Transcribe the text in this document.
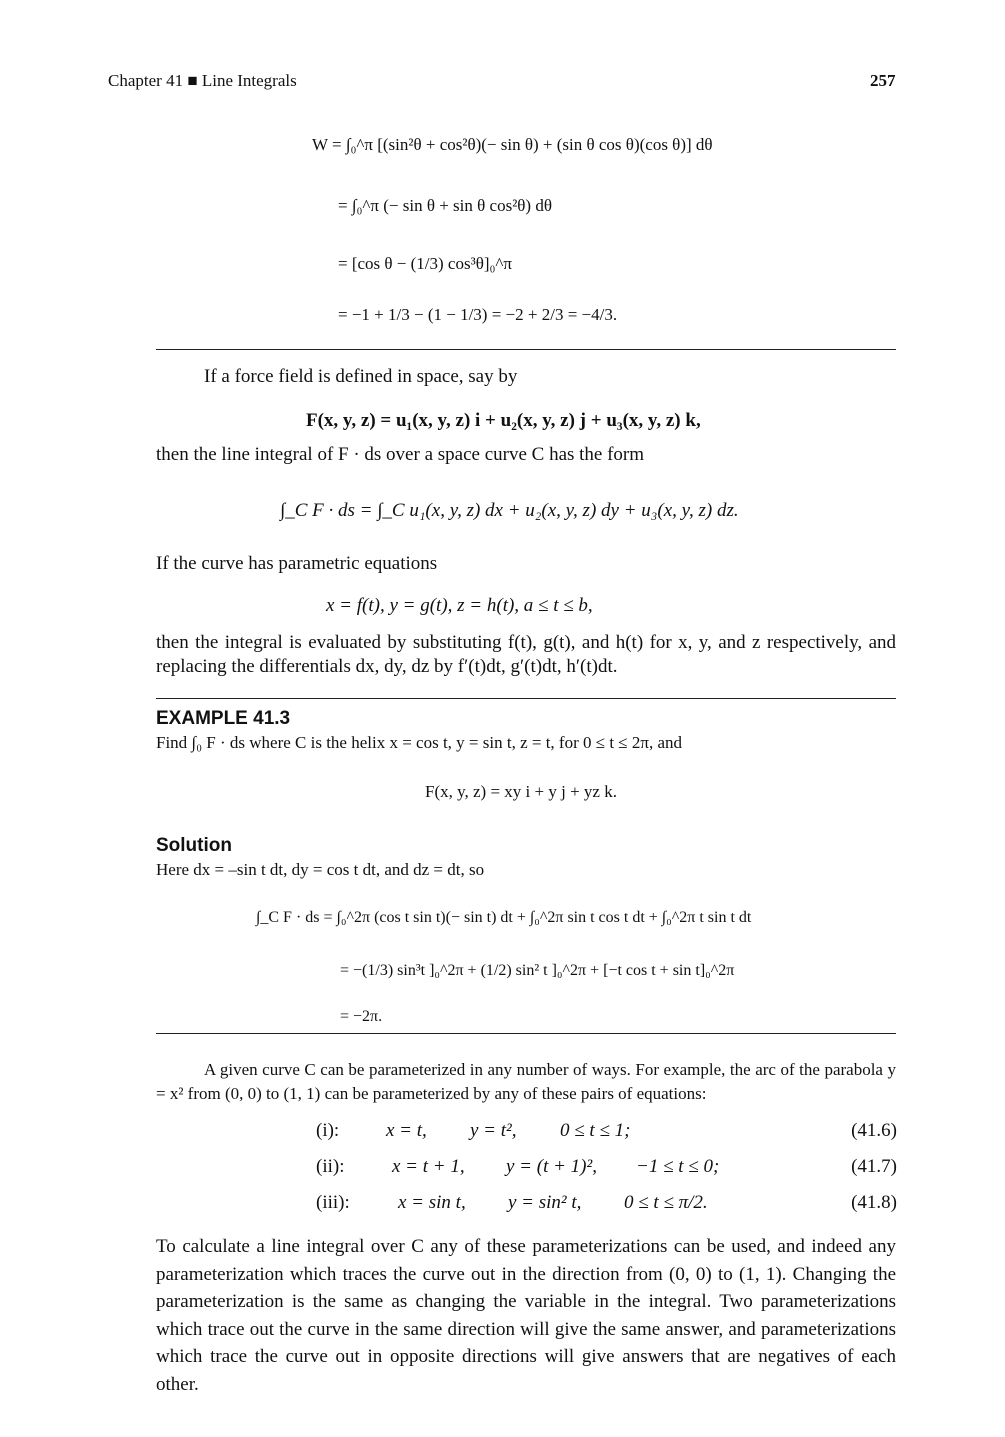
Chapter 41 ■ Line Integrals	257
W = ∫₀^π [(sin²θ + cos²θ)(− sin θ) + (sin θ cos θ)(cos θ)] dθ
= ∫₀^π (− sin θ + sin θ cos²θ) dθ
= [cos θ − (1/3) cos³θ]₀^π
= −1 + 1/3 − (1 − 1/3) = −2 + 2/3 = −4/3.
If a force field is defined in space, say by
F(x, y, z) = u₁(x, y, z) i + u₂(x, y, z) j + u₃(x, y, z) k,
then the line integral of F · ds over a space curve C has the form
∫_C F · ds = ∫_C u₁(x, y, z) dx + u₂(x, y, z) dy + u₃(x, y, z) dz.
If the curve has parametric equations
x = f(t), y = g(t), z = h(t), a ≤ t ≤ b,
then the integral is evaluated by substituting f(t), g(t), and h(t) for x, y, and z respectively, and replacing the differentials dx, dy, dz by f′(t)dt, g′(t)dt, h′(t)dt.
EXAMPLE 41.3
Find ∫₀ F · ds where C is the helix x = cos t, y = sin t, z = t, for 0 ≤ t ≤ 2π, and
F(x, y, z) = xy i + y j + yz k.
Solution
Here dx = –sin t dt, dy = cos t dt, and dz = dt, so
∫_C F · ds = ∫₀^2π (cos t sin t)(− sin t) dt + ∫₀^2π sin t cos t dt + ∫₀^2π t sin t dt
= −(1/3) sin³t ]₀^2π + (1/2) sin² t ]₀^2π + [−t cos t + sin t]₀^2π
= −2π.
A given curve C can be parameterized in any number of ways. For example, the arc of the parabola y = x² from (0, 0) to (1, 1) can be parameterized by any of these pairs of equations:
(i): x = t, y = t², 0 ≤ t ≤ 1;	(41.6)
(ii):	x = t + 1, y = (t + 1)², −1 ≤ t ≤ 0;	(41.7)
(iii):	x = sin t, y = sin² t, 0 ≤ t ≤ π/2.	(41.8)
To calculate a line integral over C any of these parameterizations can be used, and indeed any parameterization which traces the curve out in the direction from (0, 0) to (1, 1). Changing the parameterization is the same as changing the variable in the integral. Two parameterizations which trace out the curve in the same direction will give the same answer, and parameterizations which trace the curve out in opposite directions will give answers that are negatives of each other.
